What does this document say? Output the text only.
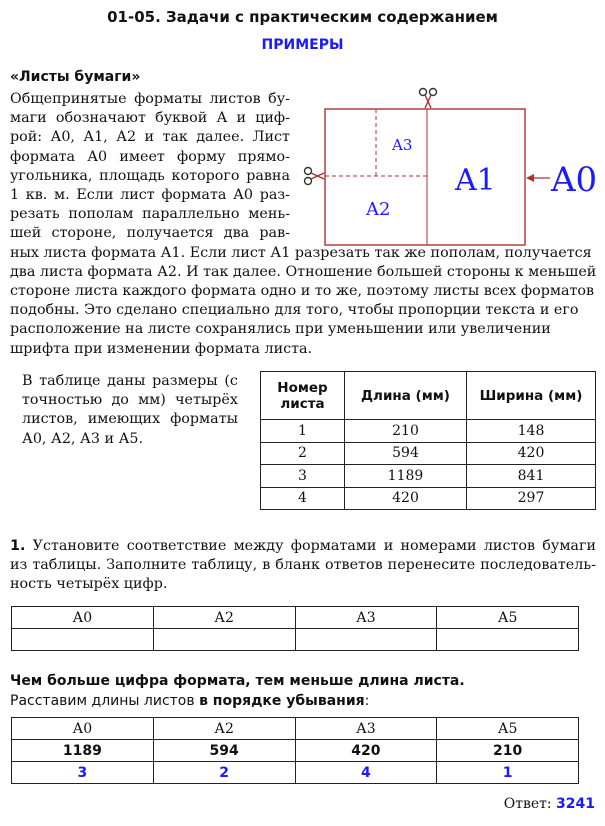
01-05. Задачи с практическим содержанием
ПРИМЕРЫ
«Листы бумаги»
Общепринятые форматы листов бу-
маги обозначают буквой А и циф-
рой: А0, А1, А2 и так далее. Лист
формата А0 имеет форму прямо-
угольника, площадь которого равна
1 кв. м. Если лист формата А0 раз-
резать пополам параллельно мень-
шей стороне, получается два рав-
ных листа формата А1. Если лист А1 разрезать так же пополам, получается
два листа формата А2. И так далее. Отношение большей стороны к меньшей
стороне листа каждого формата одно и то же, поэтому листы всех форматов
подобны. Это сделано специально для того, чтобы пропорции текста и его
расположение на листе сохранялись при уменьшении или увеличении
шрифта при изменении формата листа.
A3
A2
A1 A0
В таблице даны размеры (с
точностью до мм) четырёх
листов, имеющих форматы
А0, А2, А3 и А5.
Номер
листа	Длина (мм)	Ширина (мм)
1	210	148
2	594	420
3	1189	841
4	420	297
1. Установите соответствие между форматами и номерами листов бумаги
из таблицы. Заполните таблицу, в бланк ответов перенесите последователь-
ность четырёх цифр.
А0	А2	А3	А5

Чем больше цифра формата, тем меньше длина листа.
Расставим длины листов в порядке убывания:
А0	А2	А3	А5
1189	594	420	210
3	2	4	1
Ответ: 3241
